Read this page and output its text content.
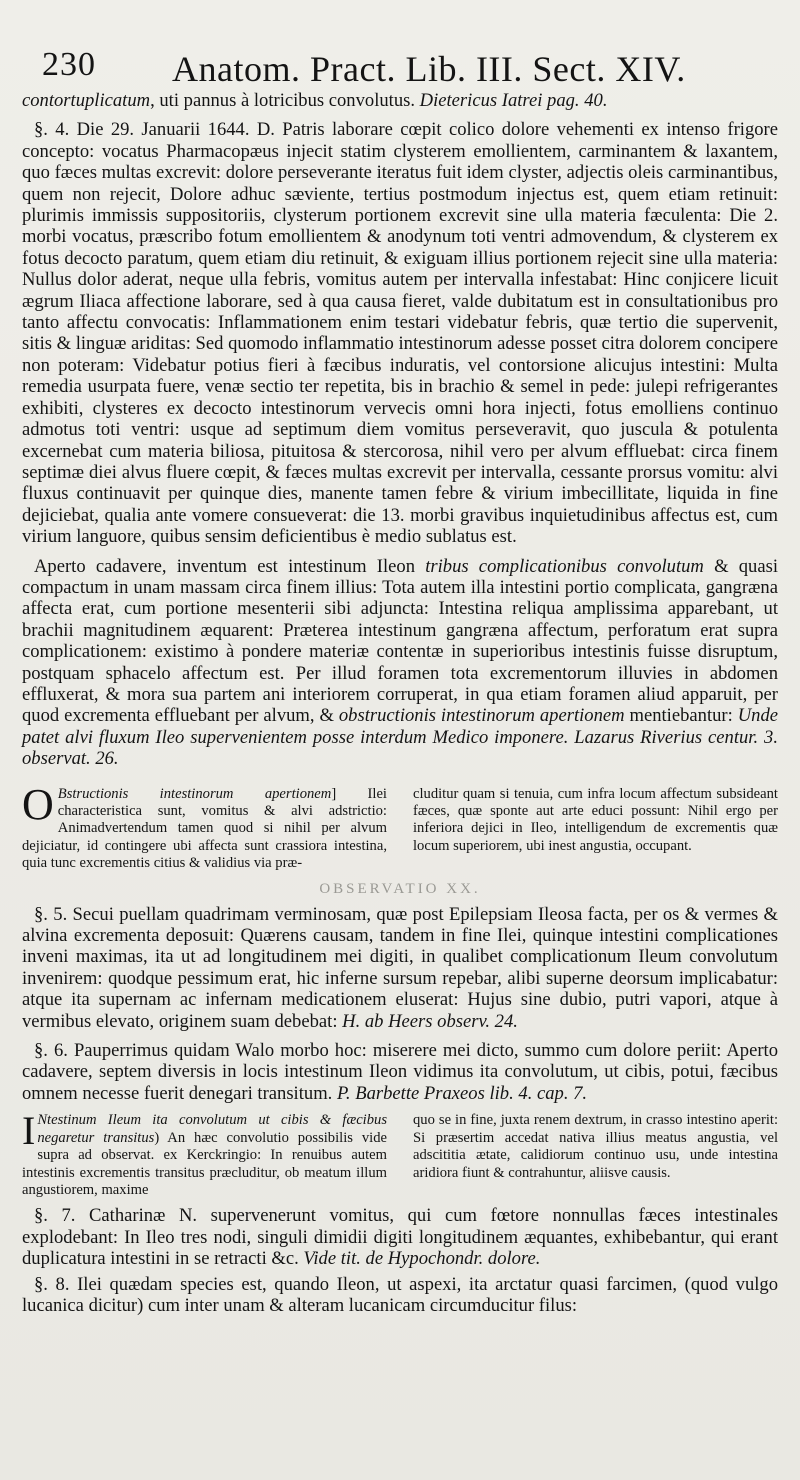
230 Anatom. Pract. Lib. III. Sect. XIV.

contortuplicatum, uti pannus à lotricibus convolutus. Dietericus Iatrei pag. 40.

§. 4. Die 29. Januarii 1644. D. Patris laborare cœpit colico dolore vehementi ex intenso frigore concepto: vocatus Pharmacopæus injecit statim clysterem emollientem, carminantem & laxantem, quo fæces multas excrevit: dolore perseverante iteratus fuit idem clyster, adjectis oleis carminantibus, quem non rejecit, Dolore adhuc sæviente, tertius postmodum injectus est, quem etiam retinuit: plurimis immissis suppositoriis, clysterum portionem excrevit sine ulla materia fæculenta: Die 2. morbi vocatus, præscribo fotum emollientem & anodynum toti ventri admovendum, & clysterem ex fotus decocto paratum, quem etiam diu retinuit, & exiguam illius portionem rejecit sine ulla materia: Nullus dolor aderat, neque ulla febris, vomitus autem per intervalla infestabat: Hinc conjicere licuit ægrum Iliaca affectione laborare, sed à qua causa fieret, valde dubitatum est in consultationibus pro tanto affectu convocatis: Inflammationem enim testari videbatur febris, quæ tertio die supervenit, sitis & linguæ ariditas: Sed quomodo inflammatio intestinorum adesse posset citra dolorem concipere non poteram: Videbatur potius fieri à fæcibus induratis, vel contorsione alicujus intestini: Multa remedia usurpata fuere, venæ sectio ter repetita, bis in brachio & semel in pede: julepi refrigerantes exhibiti, clysteres ex decocto intestinorum vervecis omni hora injecti, fotus emolliens continuo admotus toti ventri: usque ad septimum diem vomitus perseveravit, quo juscula & potulenta excernebat cum materia biliosa, pituitosa & stercorosa, nihil vero per alvum effluebat: circa finem septimæ diei alvus fluere cœpit, & fæces multas excrevit per intervalla, cessante prorsus vomitu: alvi fluxus continuavit per quinque dies, manente tamen febre & virium imbecillitate, liquida in fine dejiciebat, qualia ante vomere consueverat: die 13. morbi gravibus inquietudinibus affectus est, cum virium languore, quibus sensim deficientibus è medio sublatus est.

Aperto cadavere, inventum est intestinum Ileon tribus complicationibus convolutum & quasi compactum in unam massam circa finem illius: Tota autem illa intestini portio complicata, gangræna affecta erat, cum portione mesenterii sibi adjuncta: Intestina reliqua amplissima apparebant, ut brachii magnitudinem æquarent: Præterea intestinum gangræna affectum, perforatum erat supra complicationem: existimo à pondere materiæ contentæ in superioribus intestinis fuisse disruptum, postquam sphacelo affectum est. Per illud foramen tota excrementorum illuvies in abdomen effluxerat, & mora sua partem ani interiorem corruperat, in qua etiam foramen aliud apparuit, per quod excrementa effluebant per alvum, & obstructionis intestinorum apertionem mentiebantur: Unde patet alvi fluxum Ileo supervenientem posse interdum Medico imponere. Lazarus Riverius centur. 3. observat. 26.

O Bstructionis intestinorum apertionem] Ilei characteristica sunt, vomitus & alvi adstrictio: Animadvertendum tamen quod si nihil per alvum dejiciatur, id contingere ubi affecta sunt crassiora intestina, quia tunc excrementis citius & validius via præ-

cluditur quam si tenuia, cum infra locum affectum subsideant fæces, quæ sponte aut arte educi possunt: Nihil ergo per inferiora dejici in Ileo, intelligendum de excrementis quæ locum superiorem, ubi inest angustia, occupant.

OBSERVATIO XX.

§. 5. Secui puellam quadrimam verminosam, quæ post Epilepsiam Ileosa facta, per os & vermes & alvina excrementa deposuit: Quærens causam, tandem in fine Ilei, quinque intestini complicationes inveni maximas, ita ut ad longitudinem mei digiti, in qualibet complicationum Ileum convolutum invenirem: quodque pessimum erat, hic inferne sursum repebar, alibi superne deorsum implicabatur: atque ita supernam ac infernam medicationem eluserat: Hujus sine dubio, putri vapori, atque à vermibus elevato, originem suam debebat: H. ab Heers observ. 24.

§. 6. Pauperrimus quidam Walo morbo hoc: miserere mei dicto, summo cum dolore periit: Aperto cadavere, septem diversis in locis intestinum Ileon vidimus ita convolutum, ut cibis, potui, fæcibus omnem necesse fuerit denegari transitum. P. Barbette Praxeos lib. 4. cap. 7.

I Ntestinum Ileum ita convolutum ut cibis & fæcibus negaretur transitus) An hæc convolutio possibilis vide supra ad observat. ex Kerckringio: In renuibus autem intestinis excrementis transitus præcluditur, ob meatum illum angustiorem, maxime

quo se in fine, juxta renem dextrum, in crasso intestino aperit: Si præsertim accedat nativa illius meatus angustia, vel adscititia ætate, calidiorum continuo usu, unde intestina aridiora fiunt & contrahuntur, aliisve causis.

§. 7. Catharinæ N. supervenerunt vomitus, qui cum fœtore nonnullas fæces intestinales explodebant: In Ileo tres nodi, singuli dimidii digiti longitudinem æquantes, exhibebantur, qui erant duplicatura intestini in se retracti &c. Vide tit. de Hypochondr. dolore.

§. 8. Ilei quædam species est, quando Ileon, ut aspexi, ita arctatur quasi farcimen, (quod vulgo lucanica dicitur) cum inter unam & alteram lucanicam circumducitur filus:
